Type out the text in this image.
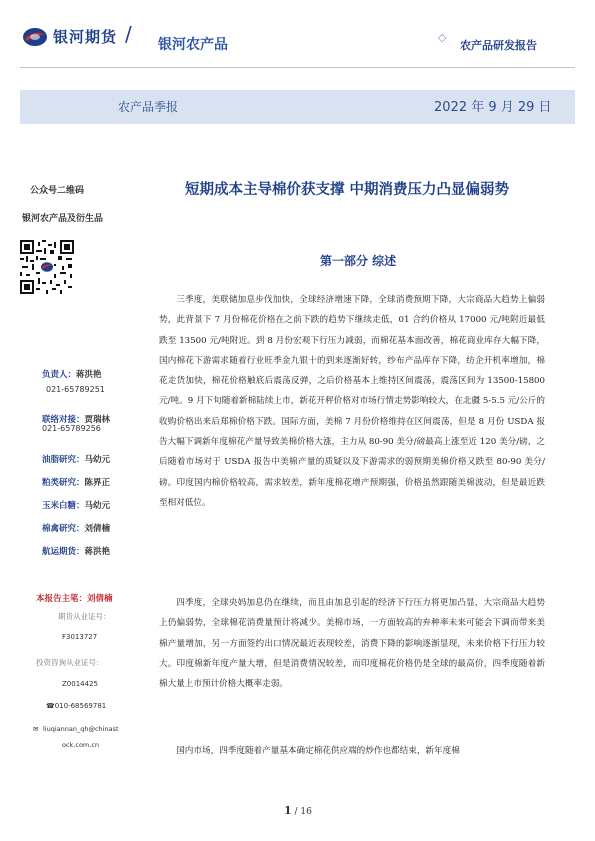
银河期货 / 银河农产品	◇
农产品研发报告
农产品季报	2022 年 9 月 29 日
公众号二维码
银河农产品及衍生品
负责人：蒋洪艳
021-65789251
联络对接：贾瑞林
021-65789256
油脂研究：马幼元
粕类研究：陈界正
玉米白糖：马幼元
棉禽研究：刘倩楠
航运期货：蒋洪艳
本报告主笔：刘倩楠
期货从业证号：
F3013727
投资咨询从业证号：
Z0014425
☎010-68569781
✉ liuqiannan_qh@chinast
ock.com.cn
短期成本主导棉价获支撑 中期消费压力凸显偏弱势
第一部分 综述
三季度，美联储加息步伐加快，全球经济增速下降，全球消费预期下降，大宗商品大趋势上偏弱势，此背景下 7 月份棉花价格在之前下跌的趋势下继续走低，01 合约价格从 17000 元/吨附近最低跌至 13500 元/吨附近。到 8 月份宏观下行压力减弱，而棉花基本面改善，棉花商业库存大幅下降，国内棉花下游需求随着行业旺季金九银十的到来逐渐好转，纱布产品库存下降，纺企开机率增加，棉花走货加快，棉花价格触底后震荡反弹，之后价格基本上维持区间震荡，震荡区间为 13500-15800 元/吨。9 月下旬随着新棉陆续上市，新花开秤价格对市场行情走势影响较大，在北疆 5-5.5 元/公斤的收购价格出来后郑棉价格下跌。国际方面，美棉 7 月份价格维持在区间震荡，但是 8 月份 USDA 报告大幅下调新年度棉花产量导致美棉价格大涨，主力从 80-90 美分/磅最高上涨至近 120 美分/磅，之后随着市场对于 USDA 报告中美棉产量的质疑以及下游需求的弱预期美棉价格又跌至 80-90 美分/磅。印度国内棉价格较高，需求较差，新年度棉花增产预期强，价格虽然跟随美棉波动，但是最近跌至相对低位。
四季度，全球央妈加息仍在继续，而且由加息引起的经济下行压力将更加凸显，大宗商品大趋势上仍偏弱势，全球棉花消费量预计将减少。美棉市场，一方面较高的弃种率未来可能会下调而带来美棉产量增加，另一方面签约出口情况最近表现较差，消费下降的影响逐渐显现，未来价格下行压力较大。印度棉新年度产量大增，但是消费情况较差，而印度棉花价格仍是全球的最高价，四季度随着新棉大量上市预计价格大概率走弱。
国内市场，四季度随着产量基本确定棉花供应端的炒作也都结束，新年度棉
1 / 16
